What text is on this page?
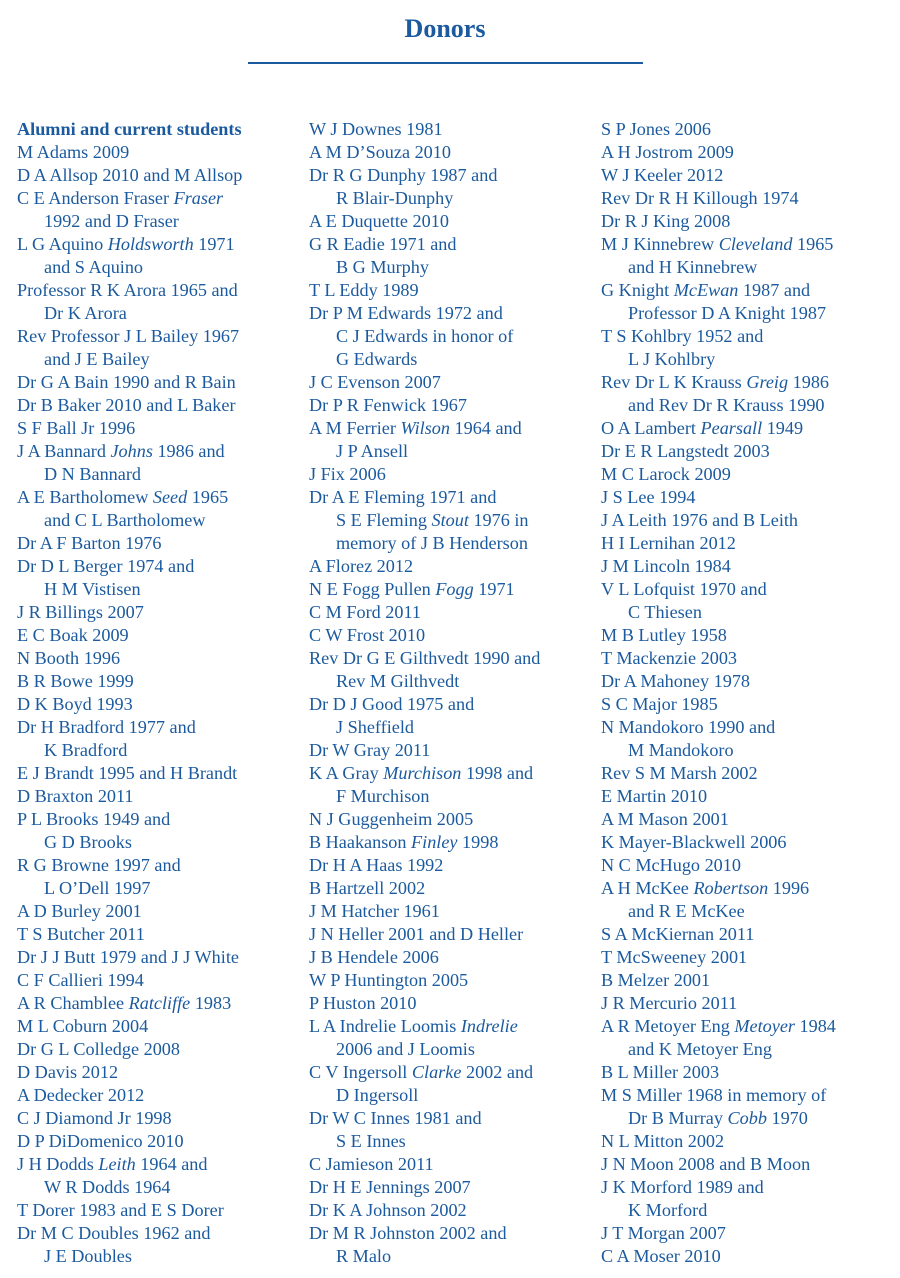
Donors
Alumni and current students
M Adams 2009
D A Allsop 2010 and M Allsop
C E Anderson Fraser Fraser
1992 and D Fraser
L G Aquino Holdsworth 1971
and S Aquino
Professor R K Arora 1965 and
Dr K Arora
Rev Professor J L Bailey 1967
and J E Bailey
Dr G A Bain 1990 and R Bain
Dr B Baker 2010 and L Baker
S F Ball Jr 1996
J A Bannard Johns 1986 and
D N Bannard
A E Bartholomew Seed 1965
and C L Bartholomew
Dr A F Barton 1976
Dr D L Berger 1974 and
H M Vistisen
J R Billings 2007
E C Boak 2009
N Booth 1996
B R Bowe 1999
D K Boyd 1993
Dr H Bradford 1977 and
K Bradford
E J Brandt 1995 and H Brandt
D Braxton 2011
P L Brooks 1949 and
G D Brooks
R G Browne 1997 and
L O’Dell 1997
A D Burley 2001
T S Butcher 2011
Dr J J Butt 1979 and J J White
C F Callieri 1994
A R Chamblee Ratcliffe 1983
M L Coburn 2004
Dr G L Colledge 2008
D Davis 2012
A Dedecker 2012
C J Diamond Jr 1998
D P DiDomenico 2010
J H Dodds Leith 1964 and
W R Dodds 1964
T Dorer 1983 and E S Dorer
Dr M C Doubles 1962 and
J E Doubles
W J Downes 1981
A M D’Souza 2010
Dr R G Dunphy 1987 and
R Blair-Dunphy
A E Duquette 2010
G R Eadie 1971 and
B G Murphy
T L Eddy 1989
Dr P M Edwards 1972 and
C J Edwards in honor of
G Edwards
J C Evenson 2007
Dr P R Fenwick 1967
A M Ferrier Wilson 1964 and
J P Ansell
J Fix 2006
Dr A E Fleming 1971 and
S E Fleming Stout 1976 in
memory of J B Henderson
A Florez 2012
N E Fogg Pullen Fogg 1971
C M Ford 2011
C W Frost 2010
Rev Dr G E Gilthvedt 1990 and
Rev M Gilthvedt
Dr D J Good 1975 and
J Sheffield
Dr W Gray 2011
K A Gray Murchison 1998 and
F Murchison
N J Guggenheim 2005
B Haakanson Finley 1998
Dr H A Haas 1992
B Hartzell 2002
J M Hatcher 1961
J N Heller 2001 and D Heller
J B Hendele 2006
W P Huntington 2005
P Huston 2010
L A Indrelie Loomis Indrelie
2006 and J Loomis
C V Ingersoll Clarke 2002 and
D Ingersoll
Dr W C Innes 1981 and
S E Innes
C Jamieson 2011
Dr H E Jennings 2007
Dr K A Johnson 2002
Dr M R Johnston 2002 and
R Malo
S P Jones 2006
A H Jostrom 2009
W J Keeler 2012
Rev Dr R H Killough 1974
Dr R J King 2008
M J Kinnebrew Cleveland 1965
and H Kinnebrew
G Knight McEwan 1987 and
Professor D A Knight 1987
T S Kohlbry 1952 and
L J Kohlbry
Rev Dr L K Krauss Greig 1986
and Rev Dr R Krauss 1990
O A Lambert Pearsall 1949
Dr E R Langstedt 2003
M C Larock 2009
J S Lee 1994
J A Leith 1976 and B Leith
H I Lernihan 2012
J M Lincoln 1984
V L Lofquist 1970 and
C Thiesen
M B Lutley 1958
T Mackenzie 2003
Dr A Mahoney 1978
S C Major 1985
N Mandokoro 1990 and
M Mandokoro
Rev S M Marsh 2002
E Martin 2010
A M Mason 2001
K Mayer-Blackwell 2006
N C McHugo 2010
A H McKee Robertson 1996
and R E McKee
S A McKiernan 2011
T McSweeney 2001
B Melzer 2001
J R Mercurio 2011
A R Metoyer Eng Metoyer 1984
and K Metoyer Eng
B L Miller 2003
M S Miller 1968 in memory of
Dr B Murray Cobb 1970
N L Mitton 2002
J N Moon 2008 and B Moon
J K Morford 1989 and
K Morford
J T Morgan 2007
C A Moser 2010
